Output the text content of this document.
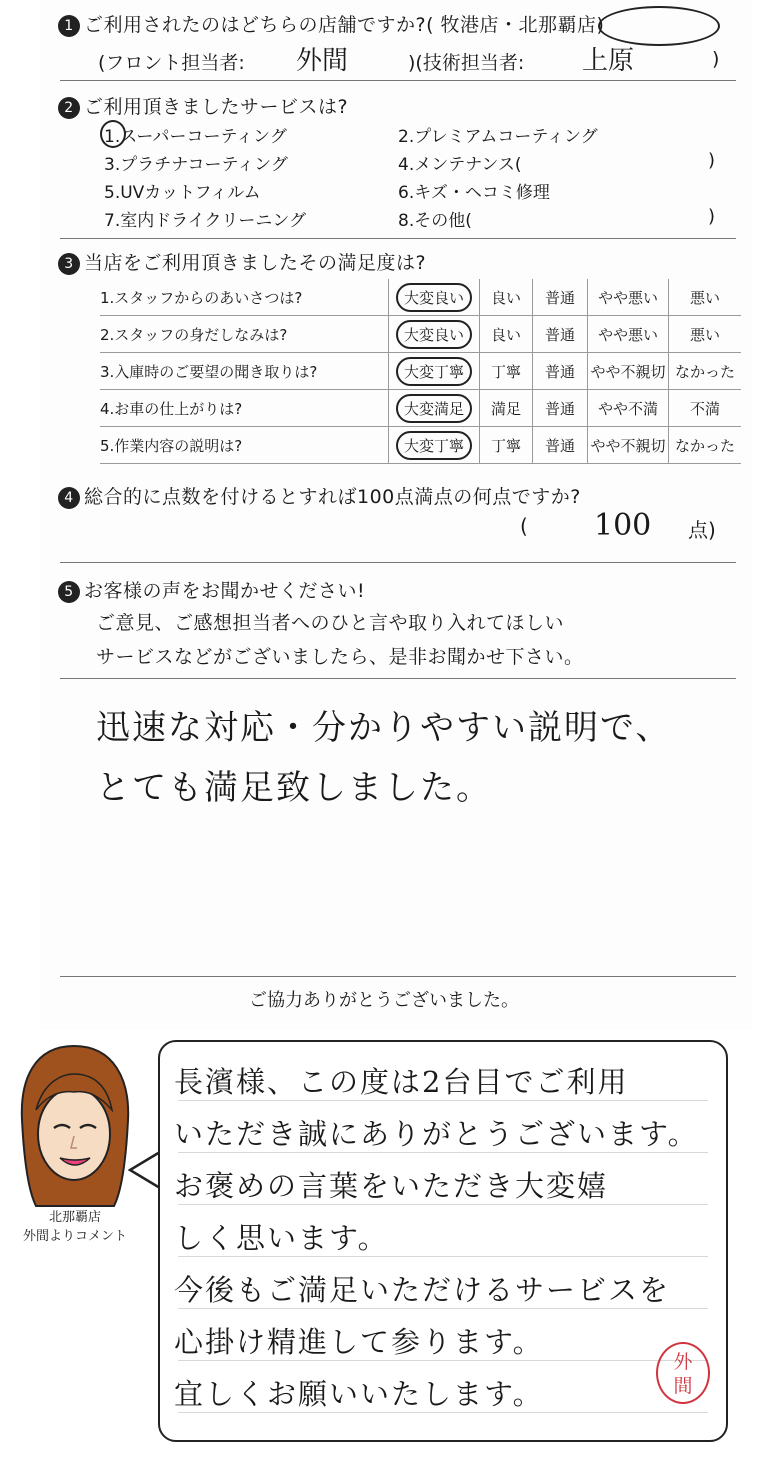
1 ご利用されたのはどちらの店舗ですか?( 牧港店・北那覇店)
(フロント担当者: 外間	)(技術担当者: 上原	)
2 ご利用頂きましたサービスは?
1.スーパーコーティング	2.プレミアムコーティング
3.プラチナコーティング	4.メンテナンス(	)
5.UVカットフィルム	6.キズ・ヘコミ修理
7.室内ドライクリーニング	8.その他(	)
3 当店をご利用頂きましたその満足度は?
1.スタッフからのあいさつは?	大変良い	良い	普通	やや悪い	悪い
2.スタッフの身だしなみは?	大変良い	良い	普通	やや悪い	悪い
3.入庫時のご要望の聞き取りは?	大変丁寧	丁寧	普通	やや不親切	なかった
4.お車の仕上がりは?	大変満足	満足	普通	やや不満	不満
5.作業内容の説明は?	大変丁寧	丁寧	普通	やや不親切	なかった
4 総合的に点数を付けるとすれば100点満点の何点ですか?
( 100 点)
5 お客様の声をお聞かせください!
ご意見、ご感想担当者へのひと言や取り入れてほしい
サービスなどがございましたら、是非お聞かせ下さい。
迅速な対応・分かりやすい説明で、
とても満足致しました。
ご協力ありがとうございました。
北那覇店
外間よりコメント
長濱様、この度は2台目でご利用
いただき誠にありがとうございます。
お褒めの言葉をいただき大変嬉
しく思います。
今後もご満足いただけるサービスを
心掛け精進して参ります。
宜しくお願いいたします。
外
間
